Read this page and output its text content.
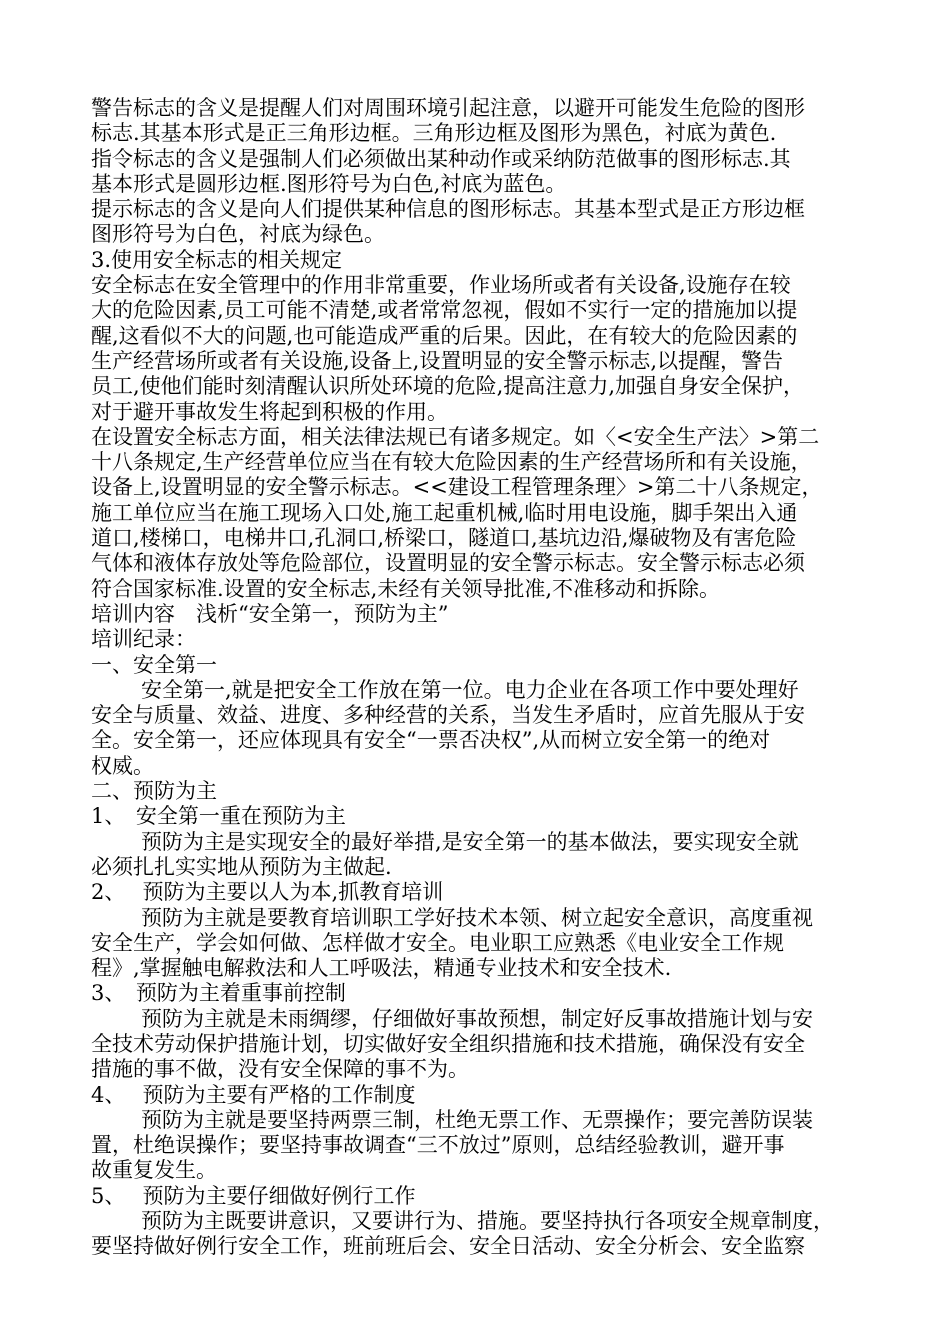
警告标志的含义是提醒人们对周围环境引起注意，以避开可能发生危险的图形
标志.其基本形式是正三角形边框。三角形边框及图形为黑色，衬底为黄色.
指令标志的含义是强制人们必须做出某种动作或采纳防范做事的图形标志.其
基本形式是圆形边框.图形符号为白色,衬底为蓝色。
提示标志的含义是向人们提供某种信息的图形标志。其基本型式是正方形边框
图形符号为白色，衬底为绿色。
3.使用安全标志的相关规定
安全标志在安全管理中的作用非常重要，作业场所或者有关设备,设施存在较
大的危险因素,员工可能不清楚,或者常常忽视，假如不实行一定的措施加以提
醒,这看似不大的问题,也可能造成严重的后果。因此，在有较大的危险因素的
生产经营场所或者有关设施,设备上,设置明显的安全警示标志,以提醒，警告
员工,使他们能时刻清醒认识所处环境的危险,提高注意力,加强自身安全保护，
对于避开事故发生将起到积极的作用。
在设置安全标志方面，相关法律法规已有诸多规定。如〈<安全生产法〉>第二
十八条规定,生产经营单位应当在有较大危险因素的生产经营场所和有关设施，
设备上,设置明显的安全警示标志。<<建设工程管理条理〉>第二十八条规定，
施工单位应当在施工现场入口处,施工起重机械,临时用电设施，脚手架出入通
道口,楼梯口，电梯井口,孔洞口,桥梁口，隧道口,基坑边沿,爆破物及有害危险
气体和液体存放处等危险部位，设置明显的安全警示标志。安全警示标志必须
符合国家标准.设置的安全标志,未经有关领导批准,不准移动和拆除。
培训内容　浅析“安全第一，预防为主”
培训纪录：
一、安全第一
安全第一,就是把安全工作放在第一位。电力企业在各项工作中要处理好
安全与质量、效益、进度、多种经营的关系，当发生矛盾时，应首先服从于安
全。安全第一，还应体现具有安全“一票否决权”,从而树立安全第一的绝对
权威。
二、预防为主
1、　安全第一重在预防为主
预防为主是实现安全的最好举措,是安全第一的基本做法，要实现安全就
必须扎扎实实地从预防为主做起.
2、　 预防为主要以人为本,抓教育培训
预防为主就是要教育培训职工学好技术本领、树立起安全意识，高度重视
安全生产，学会如何做、怎样做才安全。电业职工应熟悉《电业安全工作规
程》,掌握触电解救法和人工呼吸法，精通专业技术和安全技术.
3、　预防为主着重事前控制
预防为主就是未雨绸缪，仔细做好事故预想，制定好反事故措施计划与安
全技术劳动保护措施计划，切实做好安全组织措施和技术措施，确保没有安全
措施的事不做，没有安全保障的事不为。
4、　 预防为主要有严格的工作制度
预防为主就是要坚持两票三制，杜绝无票工作、无票操作；要完善防误装
置，杜绝误操作；要坚持事故调查“三不放过”原则，总结经验教训，避开事
故重复发生。
5、　 预防为主要仔细做好例行工作
预防为主既要讲意识，又要讲行为、措施。要坚持执行各项安全规章制度，
要坚持做好例行安全工作，班前班后会、安全日活动、安全分析会、安全监察
